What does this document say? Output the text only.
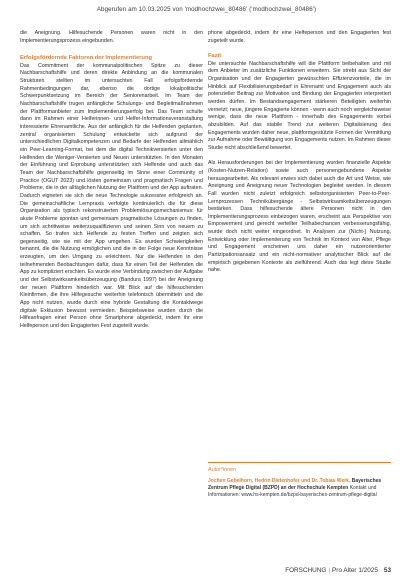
Abgerufen am 10.03.2025 von 'modhochzwei_80486' ('modhochzwei_80486')

die Aneignung. Hilfesuchende Personen waren nicht in den Implementierungsprozess eingebunden.

Erfolgsfördernde Faktoren der Implementierung

Das Commitment der kommunalpolitischen Spitze zu dieser Nachbarschaftshilfe und deren direkte Anbindung an die kommunalen Strukturen stellten im untersuchten Fall erfolgsfördernde Rahmenbedingungen dar, ebenso die dortige lokalpolitische Schwerpunktsetzung im Bereich der Seniorenarbeit. Im Team der Nachbarschaftshilfe trugen anfängliche Schulungs- und Begleitmaßnahmen der Plattformanbieter zum Implementierungserfolg bei. Das Team schulte dann im Rahmen einer Helferinnen- und Helfer-Informationsveranstaltung interessierte Ehrenamtliche. Aus der anfänglich für die Helfenden geplanten, zentral organisierten Schulung entwickelte sich aufgrund der unterschiedlichen Digitalkompetenzen und Bedarfe der Helfenden allmählich ein Peer-Learning-Format, bei dem die digital Technikversierten unter den Helfenden die Weniger-Versierten und Neuen unterstützten. In den Monaten der Einführung und Erprobung unterstützten sich Helfende und auch das Team der Nachbarschaftshilfe gegenseitig im Sinne einer Community of Practice (OGUT 2023) und lösten gemeinsam und pragmatisch Fragen und Probleme, die in der alltäglichen Nutzung der Plattform und der App auftraten. Dadurch eigneten sie sich die neue Technologie sukzessive erfolgreich an. Die gemeinschaftliche Lernpraxis verfolgte kontinuierlich die für diese Organisation als typisch rekonstruierten Problemlösungsmechanismus: für akute Probleme spontan und gemeinsam pragmatische Lösungen zu finden, um sich schrittweise weiterzuqualifizieren und seinen Sinn von neuem zu schaffen. So trafen sich Helfende zu festen Treffen und zeigten sich gegenseitig, wie sie mit der App umgehen. Es wurden Schwierigkeiten benannt, die die Nutzung ermöglichen und die in der Folge neue Kenntnisse erzeugten, um den Umgang zu erleichtern. Nur die Helfenden in den teilnehmenden Beobachtungen dafür, dass für einen Teil der Helfenden die App zu kompliziert erschien. Es wurde eine Verbindung zwischen der Aufgabe und der Selbstwirksamkeitsüberzeugung (Bandura 1997) bei der Aneignung der neuen Plattform hinderlich war. Mit Blick auf die hilfesuchenden Kleinfirmen, die ihre Hilfegesuche weiterhin telefonisch übermitteln und die App nicht nutzen, wurde durch eine hybride Gestaltung die Kontaktwege digitale Exklusion bewusst vermieden. Beispielsweise wurden durch die Hilfeanfragen einer Person ohne Smartphone abgedeckt, indem ihr eine Helfeperson und den Engagierten Fest zugeteilt wurde.

phone abgedeckt, indem ihr eine Helfeperson und den Engagierten fest zugeteilt wurde.

Fazit

Die untersuchte Nachbarschaftshilfe will die Plattform beibehalten und mit dem Anbieter im zusätzliche Funktionen erweitern. Sie strebt aus Sicht der Organisation und der Engagierten gewünschten Effizienzvorteile, die im Hinblick auf Flexibilisierungsbedarf in Ehrenamt und Engagement auch als potenzieller Beitrag zur Motivation und Bindung der Engagierten interpretiert werden dürfen. Im Bestandsengagement stärkeren Beteiligten weiterhin vernetzt; neue, jüngere Engagierte können - wenn auch noch vergleichsweise wenige, dass die neue Plattform - innerhalb des Engagements vorbei abzubilden. Auf das stabile Trend zur weiteren Digitalisierung des Engagements wurden daher neue, plattformgestützte Formen der Vermittlung zur Aufnahme oder Bewältigung von Engagements nutzen. Im Rahmen dieser Studie nicht abschließend bewertet.

Als Herausforderungen bei der Implementierung wurden finanzielle Aspekte (Kosten-Nutzen-Relation) sowie auch personengebundene Aspekte herausgearbeitet. Als relevant erwies sich dabei auch die Art und Weise, wie Aneignung und Aneignung neuer Technologien begleitet werden. In diesem Fall wurden nicht zuletzt erfolgreich selbstorganisierten Peer-to-Peer-Lernprozessen Technikübergänge - Selbstwirksamkeitsüberzeugungen bestärken. Dass hilfesuchende ältere Personen nicht in den Implementierungsprozess einbezogen waren, erscheint aus Perspektive von Empowerment und gerecht verteilter Teilhabechancen verbesserungsfähig, wurde doch nicht weiter eingeordnet. In Analysen zur (Nicht-) Nutzung, Entwicklung oder Implementierung von Technik im Kontext von Alter, Pflege und Engagement erscheinen uns daher ein nutzerorientierter Partizipationsansatz und ein nicht-normativer analytischer Blick auf die empirisch gegebenen Kontexte als zielführend. Auch das legt diese Studie nahe.

Autor*innen
Jochen Gebelhorn, Hedrin Dietenhofer und Dr. Tobias Werk, Bayerisches Zentrum Pflege Digital (BZPD) an der Hochschule Kempten Kontakt und Informationen: www.hs-kempten.de/bzpd-bayerisches-zentrum-pflege-digital
FORSCHUNG | Pro Alter 1/2025 53
